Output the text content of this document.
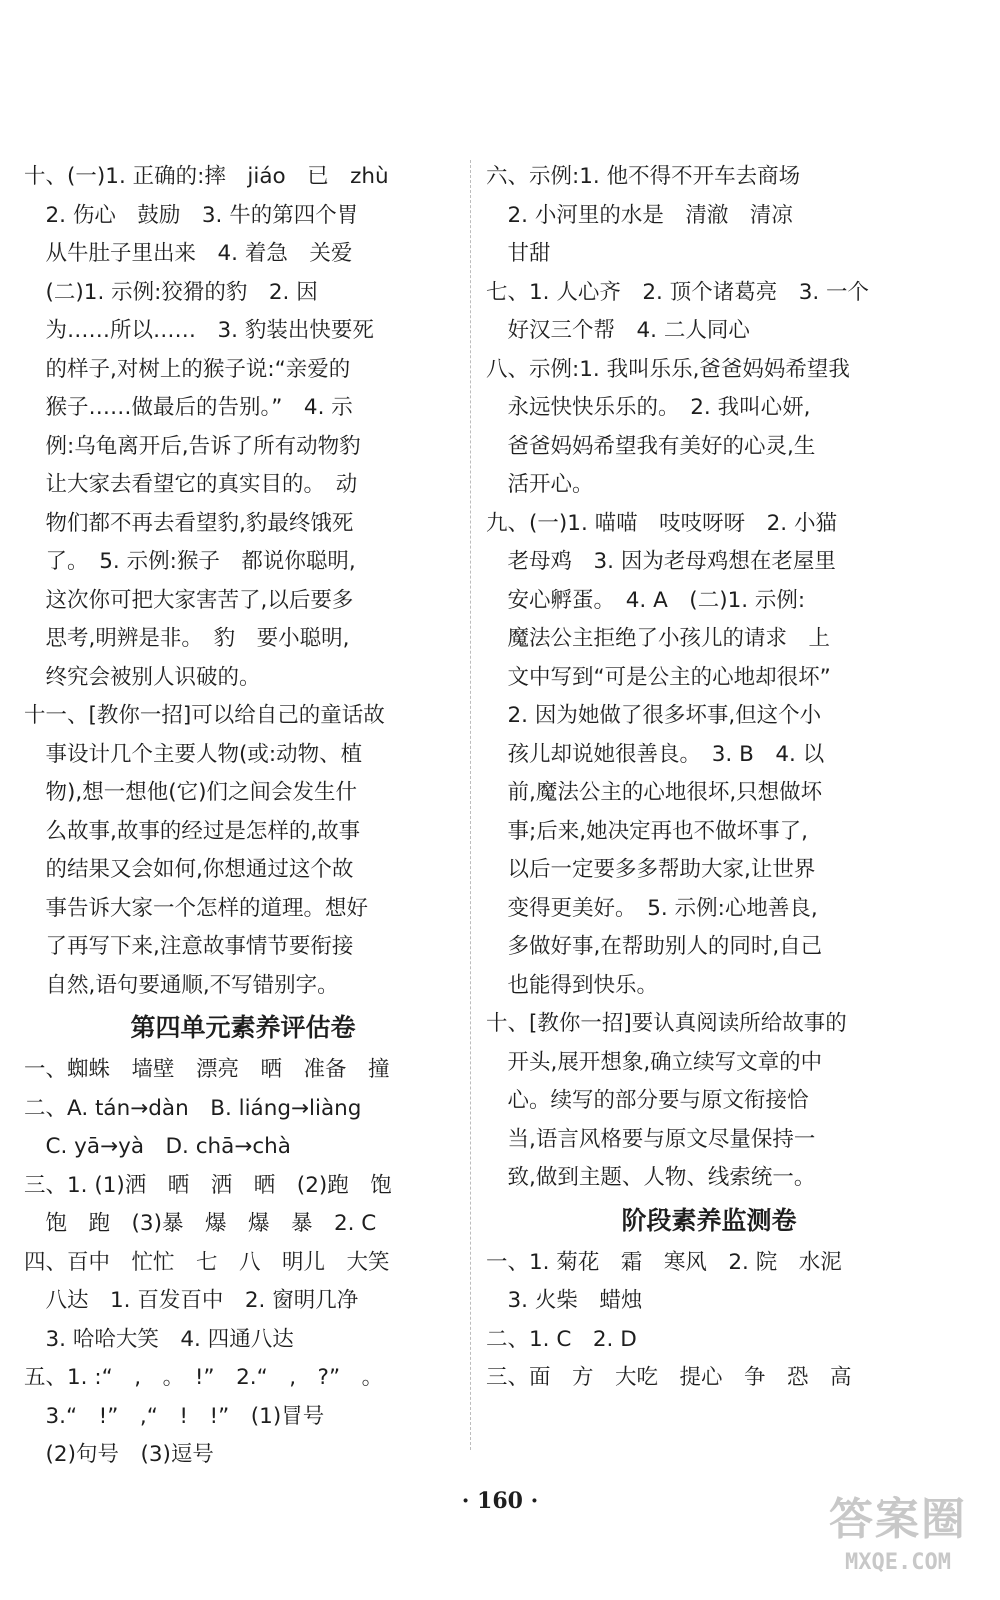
十、(一)1. 正确的:摔　jiáo　已　zhù
　2. 伤心　鼓励　3. 牛的第四个胃
　从牛肚子里出来　4. 着急　关爱
　(二)1. 示例:狡猾的豹　2. 因
　为……所以……　3. 豹装出快要死
　的样子,对树上的猴子说:“亲爱的
　猴子……做最后的告别。”　4. 示
　例:乌龟离开后,告诉了所有动物豹
　让大家去看望它的真实目的。　动
　物们都不再去看望豹,豹最终饿死
　了。　5. 示例:猴子　都说你聪明,
　这次你可把大家害苦了,以后要多
　思考,明辨是非。　豹　要小聪明,
　终究会被别人识破的。
十一、[教你一招]可以给自己的童话故
　事设计几个主要人物(或:动物、植
　物),想一想他(它)们之间会发生什
　么故事,故事的经过是怎样的,故事
　的结果又会如何,你想通过这个故
　事告诉大家一个怎样的道理。想好
　了再写下来,注意故事情节要衔接
　自然,语句要通顺,不写错别字。
第四单元素养评估卷
一、蜘蛛　墙壁　漂亮　晒　准备　撞
二、A. tán→dàn　B. liáng→liàng
　C. yā→yà　D. chā→chà
三、1. (1)洒　晒　洒　晒　(2)跑　饱
　饱　跑　(3)暴　爆　爆　暴　2. C
四、百中　忙忙　七　八　明儿　大笑
　八达　1. 百发百中　2. 窗明几净
　3. 哈哈大笑　4. 四通八达
五、1. :“　,　。　!”　2.“　,　?”　。
　3.“　!”　,“　!　!”　(1)冒号
　(2)句号　(3)逗号
六、示例:1. 他不得不开车去商场
　2. 小河里的水是　清澈　清凉
　甘甜
七、1. 人心齐　2. 顶个诸葛亮　3. 一个
　好汉三个帮　4. 二人同心
八、示例:1. 我叫乐乐,爸爸妈妈希望我
　永远快快乐乐的。　2. 我叫心妍,
　爸爸妈妈希望我有美好的心灵,生
　活开心。
九、(一)1. 喵喵　吱吱呀呀　2. 小猫
　老母鸡　3. 因为老母鸡想在老屋里
　安心孵蛋。　4. A　(二)1. 示例:
　魔法公主拒绝了小孩儿的请求　上
　文中写到“可是公主的心地却很坏”
　2. 因为她做了很多坏事,但这个小
　孩儿却说她很善良。　3. B　4. 以
　前,魔法公主的心地很坏,只想做坏
　事;后来,她决定再也不做坏事了,
　以后一定要多多帮助大家,让世界
　变得更美好。　5. 示例:心地善良,
　多做好事,在帮助别人的同时,自己
　也能得到快乐。
十、[教你一招]要认真阅读所给故事的
　开头,展开想象,确立续写文章的中
　心。续写的部分要与原文衔接恰
　当,语言风格要与原文尽量保持一
　致,做到主题、人物、线索统一。
阶段素养监测卷
一、1. 菊花　霜　寒风　2. 院　水泥
　3. 火柴　蜡烛
二、1. C　2. D
三、面　方　大吃　提心　争　恐　高
· 160 ·	答案圈
MXQE.COM
